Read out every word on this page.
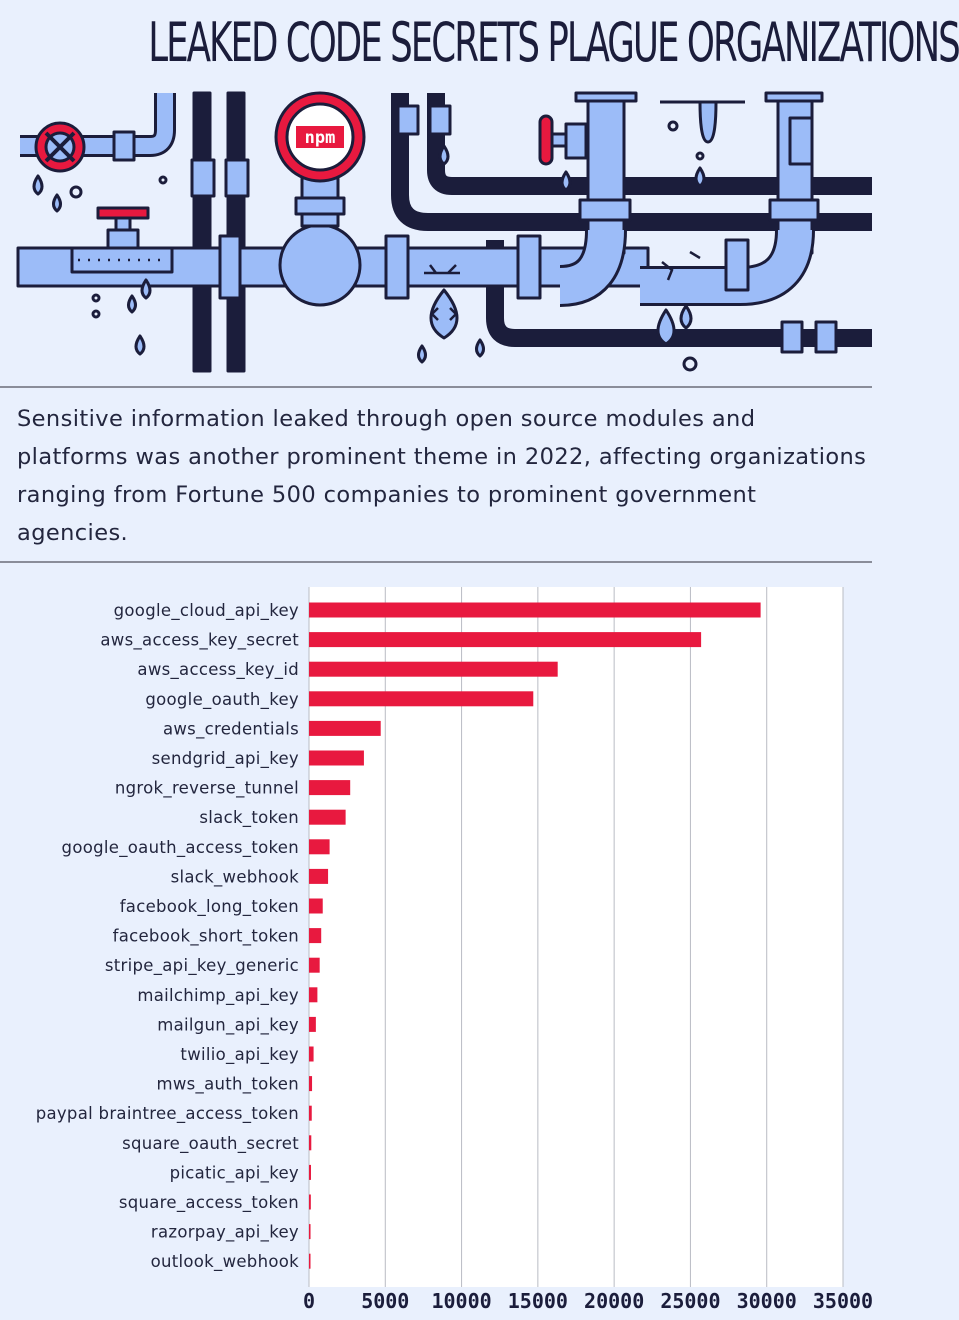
LEAKED CODE SECRETS PLAGUE ORGANIZATIONS
npm

Sensitive information leaked through open source modules and platforms was another prominent theme in 2022, affecting organizations ranging from Fortune 500 companies to prominent government agencies.

0 5000 10000 15000 20000 25000 30000 35000
google_cloud_api_key
aws_access_key_secret
aws_access_key_id
google_oauth_key
aws_credentials
sendgrid_api_key
ngrok_reverse_tunnel
slack_token
google_oauth_access_token
slack_webhook
facebook_long_token
facebook_short_token
stripe_api_key_generic
mailchimp_api_key
mailgun_api_key
twilio_api_key
mws_auth_token
paypal braintree_access_token
square_oauth_secret
picatic_api_key
square_access_token
razorpay_api_key
outlook_webhook
